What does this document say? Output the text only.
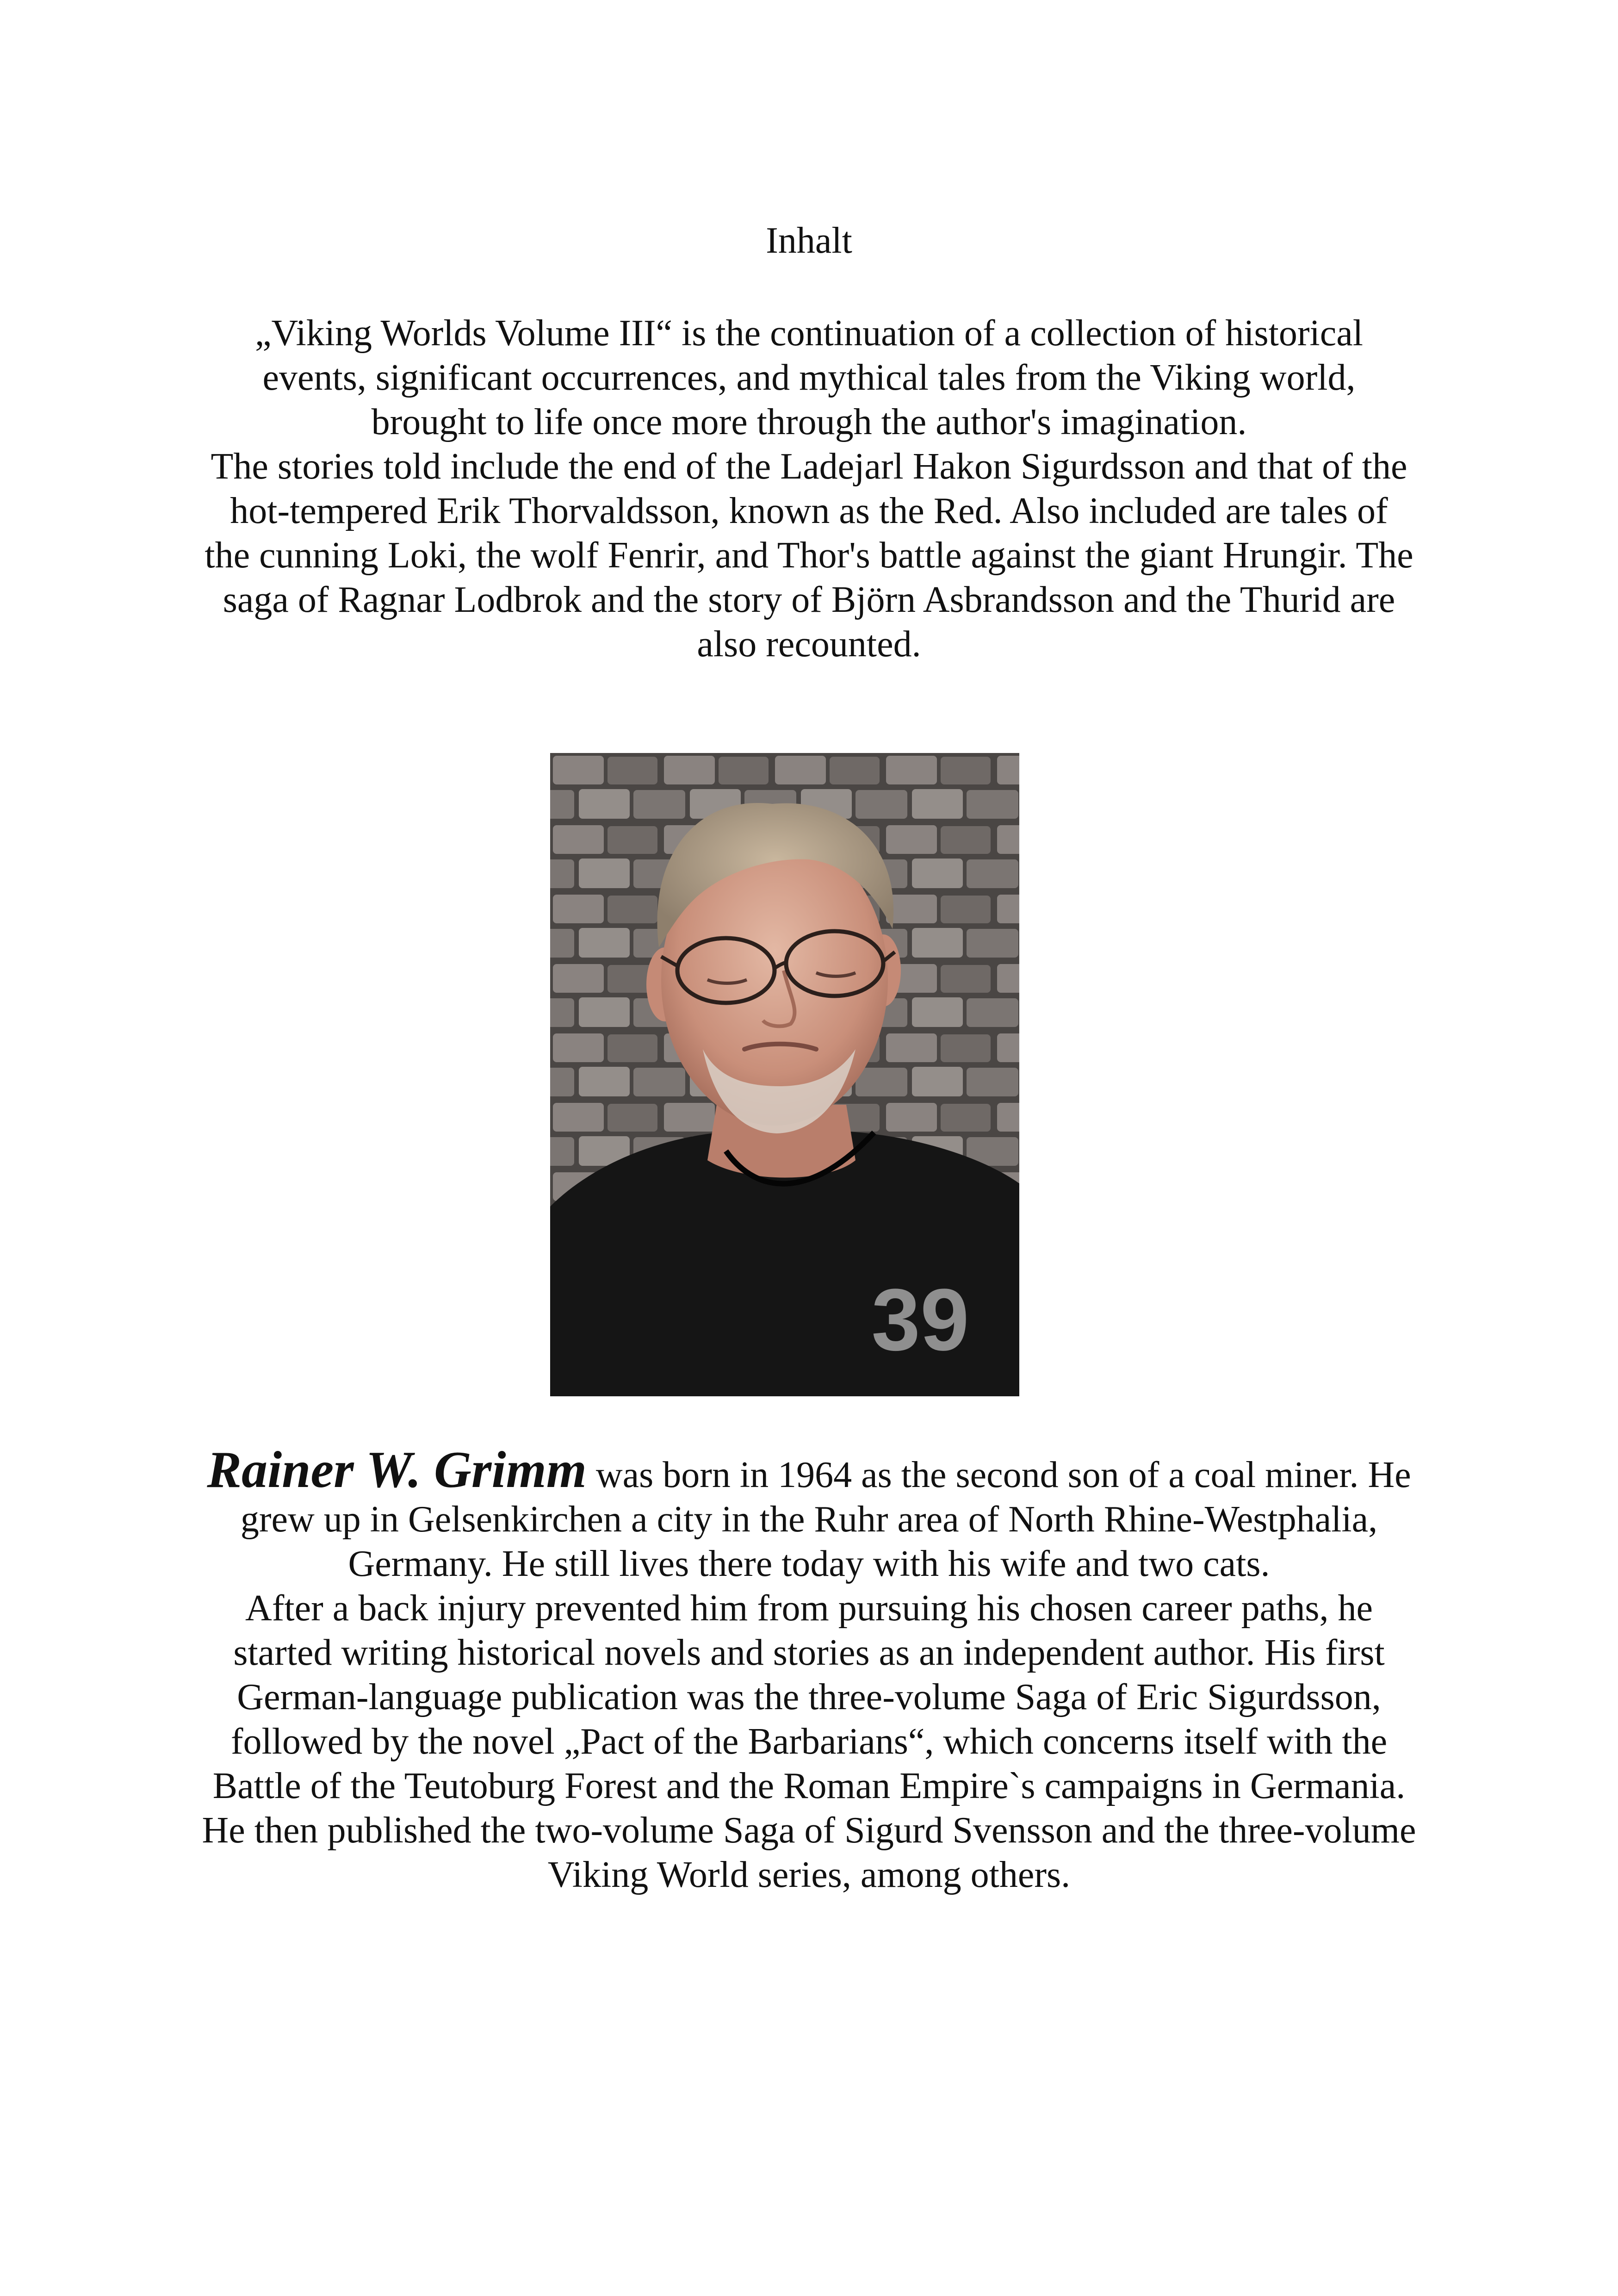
Inhalt

„Viking Worlds Volume III“ is the continuation of a collection of historical events, significant occurrences, and mythical tales from the Viking world, brought to life once more through the author's imagination.

The stories told include the end of the Ladejarl Hakon Sigurdsson and that of the hot-tempered Erik Thorvaldsson, known as the Red. Also included are tales of the cunning Loki, the wolf Fenrir, and Thor's battle against the giant Hrungir. The saga of Ragnar Lodbrok and the story of Björn Asbrandsson and the Thurid are also recounted.

39

Rainer W. Grimm was born in 1964 as the second son of a coal miner. He grew up in Gelsenkirchen a city in the Ruhr area of North Rhine-Westphalia, Germany. He still lives there today with his wife and two cats.

After a back injury prevented him from pursuing his chosen career paths, he started writing historical novels and stories as an independent author. His first German-language publication was the three-volume Saga of Eric Sigurdsson, followed by the novel „Pact of the Barbarians“, which concerns itself with the Battle of the Teutoburg Forest and the Roman Empire`s campaigns in Germania. He then published the two-volume Saga of Sigurd Svensson and the three-volume Viking World series, among others.
